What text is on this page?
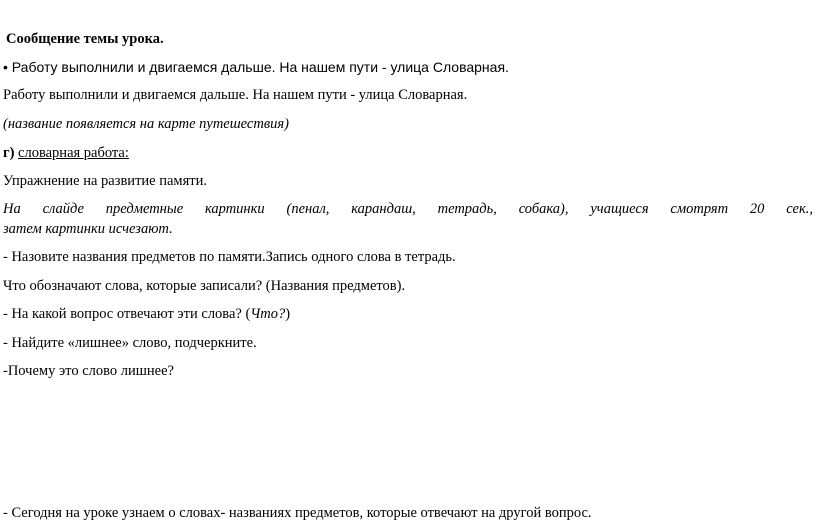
Сообщение темы урока.
• Работу выполнили и двигаемся дальше. На нашем пути - улица Словарная.
Работу выполнили и двигаемся дальше. На нашем пути - улица Словарная.
(название появляется на карте путешествия)
г) словарная работа:
Упражнение на развитие памяти.
На слайде предметные картинки (пенал, карандаш, тетрадь, собака), учащиеся смотрят 20 сек.,
затем картинки исчезают.
- Назовите названия предметов по памяти.Запись одного слова в тетрадь.
Что обозначают слова, которые записали? (Названия предметов).
- На какой вопрос отвечают эти слова? (Что?)
- Найдите «лишнее» слово, подчеркните.
-Почему это слово лишнее?
- Сегодня на уроке узнаем о словах- названиях предметов, которые отвечают на другой вопрос.
